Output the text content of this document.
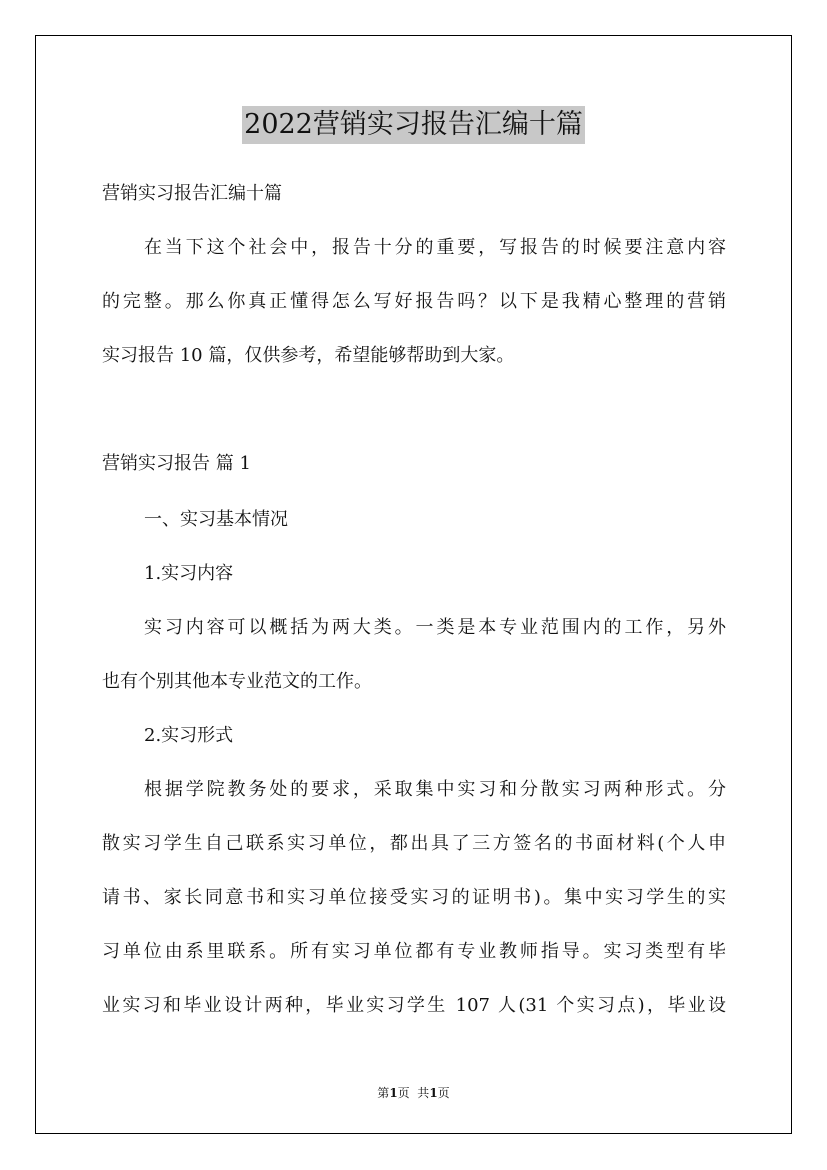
2022营销实习报告汇编十篇

营销实习报告汇编十篇

在当下这个社会中，报告十分的重要，写报告的时候要注意内容

的完整。那么你真正懂得怎么写好报告吗？以下是我精心整理的营销

实习报告 10 篇，仅供参考，希望能够帮助到大家。

营销实习报告 篇 1

一、实习基本情况

1.实习内容

实习内容可以概括为两大类。一类是本专业范围内的工作，另外

也有个别其他本专业范文的工作。

2.实习形式

根据学院教务处的要求，采取集中实习和分散实习两种形式。分

散实习学生自己联系实习单位，都出具了三方签名的书面材料(个人申

请书、家长同意书和实习单位接受实习的证明书)。集中实习学生的实

习单位由系里联系。所有实习单位都有专业教师指导。实习类型有毕

业实习和毕业设计两种，毕业实习学生 107 人(31 个实习点)，毕业设

第1页  共1页
